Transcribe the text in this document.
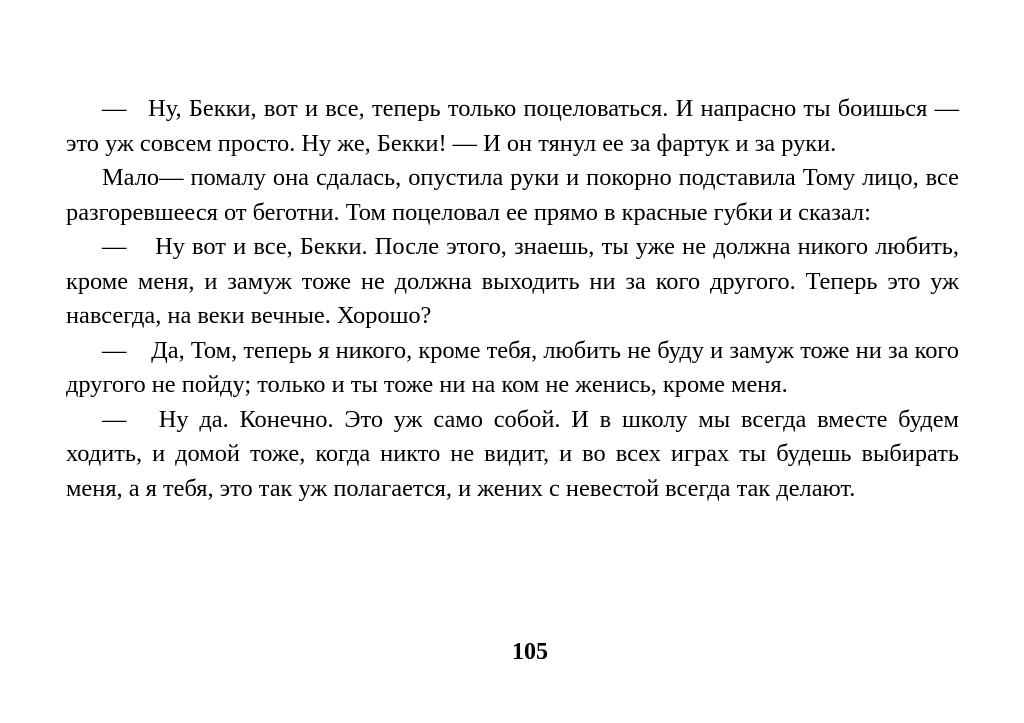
—   Ну, Бекки, вот и все, теперь только поцеловаться. И напрасно ты боишься — это уж совсем просто. Ну же, Бекки! — И он тянул ее за фартук и за руки.

Мало— помалу она сдалась, опустила руки и покорно подставила Тому лицо, все разгоревшееся от беготни. Том поцеловал ее прямо в красные губки и сказал:

—    Ну вот и все, Бекки. После этого, знаешь, ты уже не должна никого любить, кроме меня, и замуж тоже не должна выходить ни за кого другого. Теперь это уж навсегда, на веки вечные. Хорошо?

—    Да, Том, теперь я никого, кроме тебя, любить не буду и замуж тоже ни за кого другого не пойду; только и ты тоже ни на ком не женись, кроме меня.

—   Ну да. Конечно. Это уж само собой. И в школу мы всегда вместе будем ходить, и домой тоже, когда никто не видит, и во всех играх ты будешь выбирать меня, а я тебя, это так уж полагается, и жених с невестой всегда так делают.

105
